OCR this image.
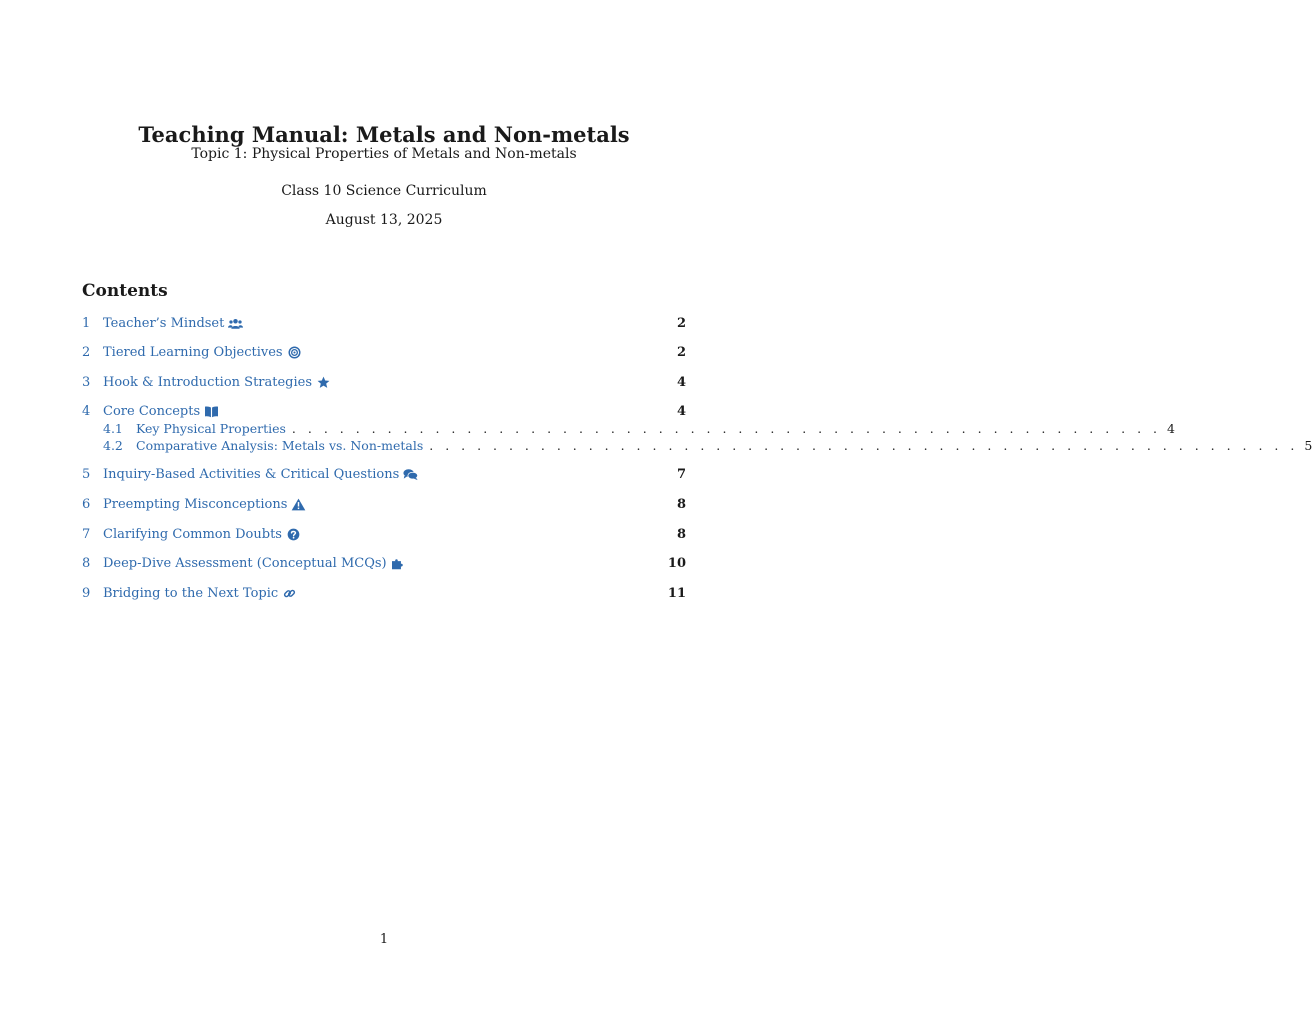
Teaching Manual: Metals and Non-metals
Topic 1: Physical Properties of Metals and Non-metals
Class 10 Science Curriculum
August 13, 2025
Contents
1 Teacher’s Mindset	2
2 Tiered Learning Objectives	2
3 Hook & Introduction Strategies	4
4 Core Concepts	4
4.1	Key Physical Properties . . . . . . . . . . . . . . . . . . . . . . . . . . . . . . . . . . . . . . . . . . . . . . . . . . . . . . . 4
4.2	Comparative Analysis: Metals vs. Non-metals . . . . . . . . . . . . . . . . . . . . . . . . . . . . . . . . . . . . . . . . . . . . . . . . . . . . . . . 5
5 Inquiry-Based Activities & Critical Questions	7
6 Preempting Misconceptions	8
7 Clarifying Common Doubts	8
8 Deep-Dive Assessment (Conceptual MCQs)	10
9 Bridging to the Next Topic	11
1
